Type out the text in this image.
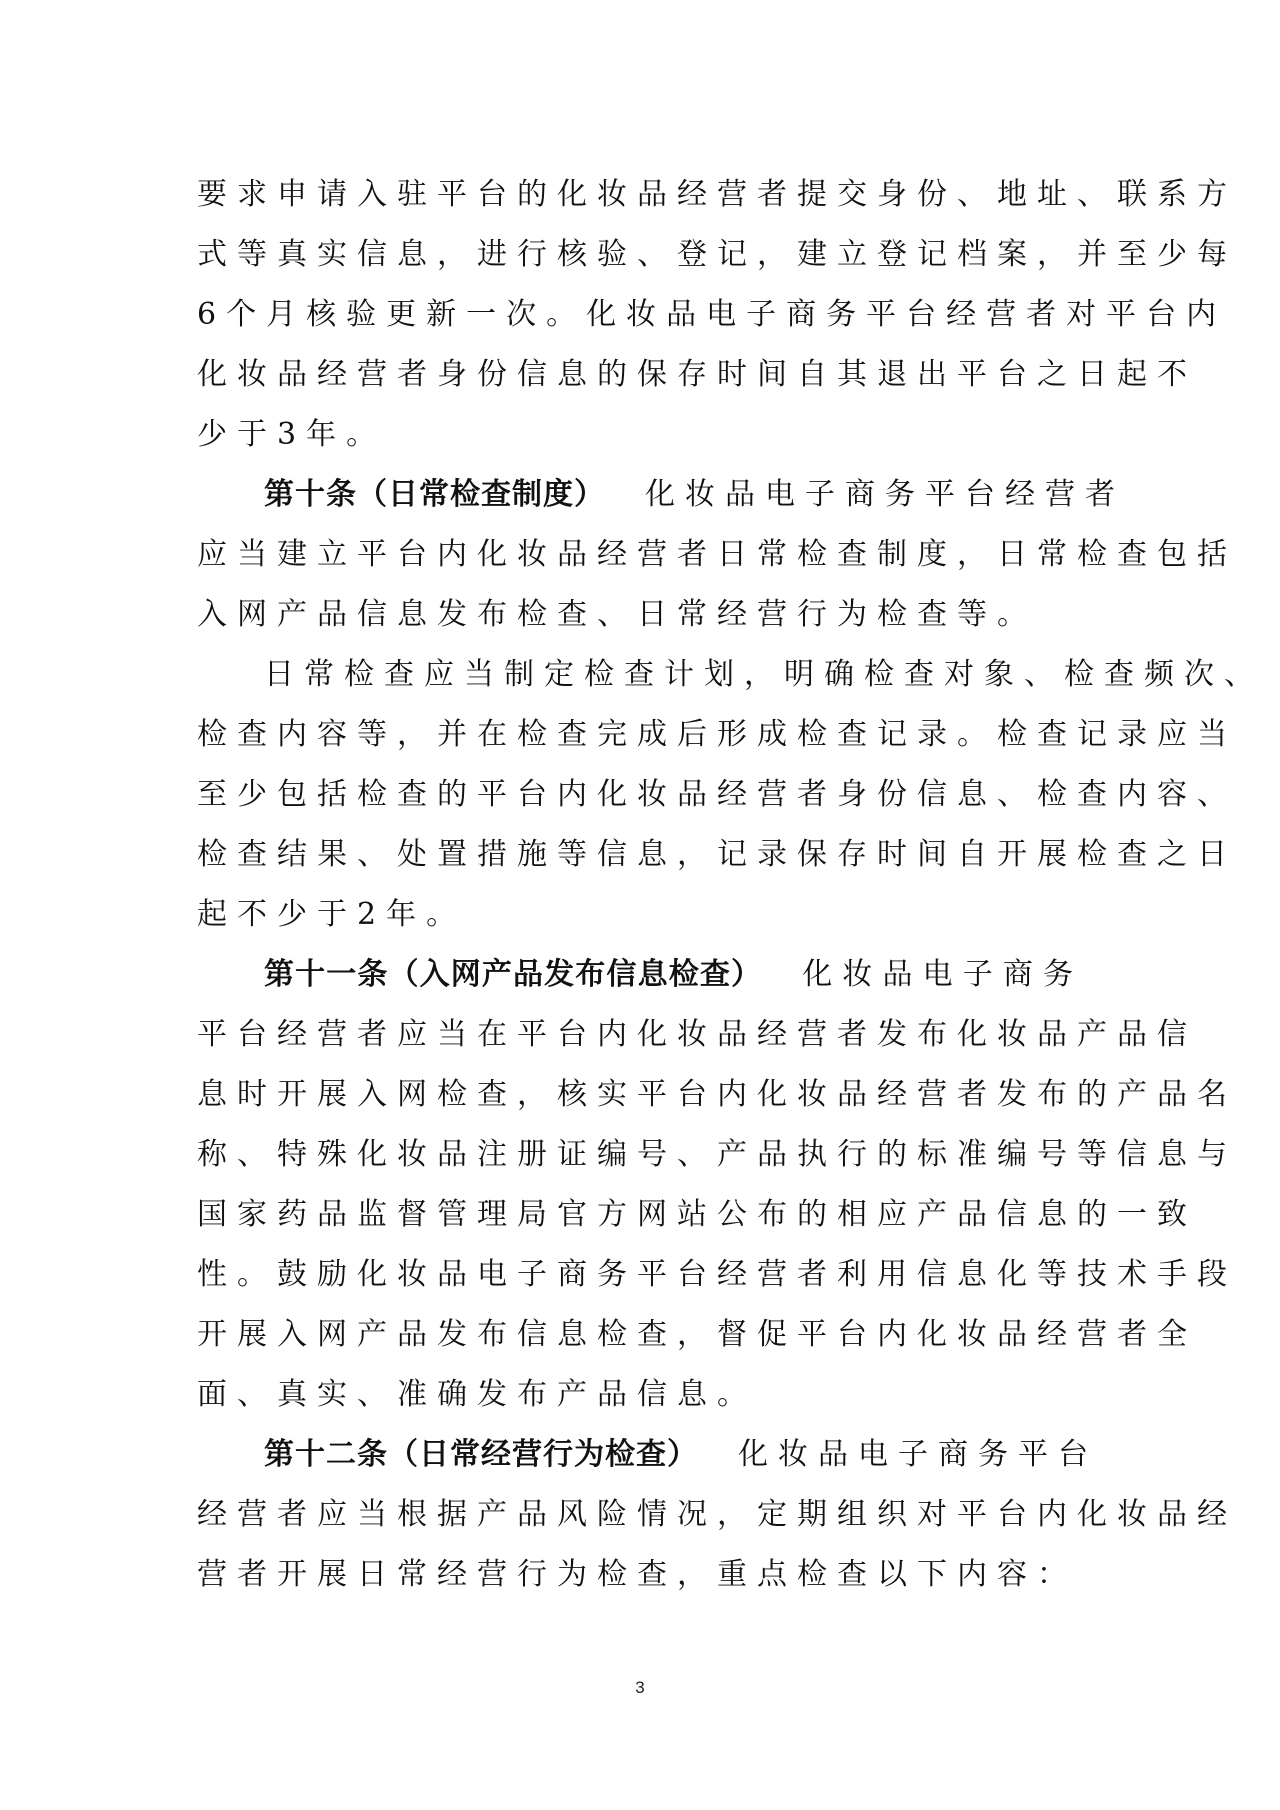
要求申请入驻平台的化妆品经营者提交身份、地址、联系方
式等真实信息，进行核验、登记，建立登记档案，并至少每
6个月核验更新一次。化妆品电子商务平台经营者对平台内
化妆品经营者身份信息的保存时间自其退出平台之日起不
少于3年。
第十条（日常检查制度） 化妆品电子商务平台经营者
应当建立平台内化妆品经营者日常检查制度，日常检查包括
入网产品信息发布检查、日常经营行为检查等。
日常检查应当制定检查计划，明确检查对象、检查频次、
检查内容等，并在检查完成后形成检查记录。检查记录应当
至少包括检查的平台内化妆品经营者身份信息、检查内容、
检查结果、处置措施等信息，记录保存时间自开展检查之日
起不少于2年。
第十一条（入网产品发布信息检查） 化妆品电子商务
平台经营者应当在平台内化妆品经营者发布化妆品产品信
息时开展入网检查，核实平台内化妆品经营者发布的产品名
称、特殊化妆品注册证编号、产品执行的标准编号等信息与
国家药品监督管理局官方网站公布的相应产品信息的一致
性。鼓励化妆品电子商务平台经营者利用信息化等技术手段
开展入网产品发布信息检查，督促平台内化妆品经营者全
面、真实、准确发布产品信息。
第十二条（日常经营行为检查） 化妆品电子商务平台
经营者应当根据产品风险情况，定期组织对平台内化妆品经
营者开展日常经营行为检查，重点检查以下内容：
3
